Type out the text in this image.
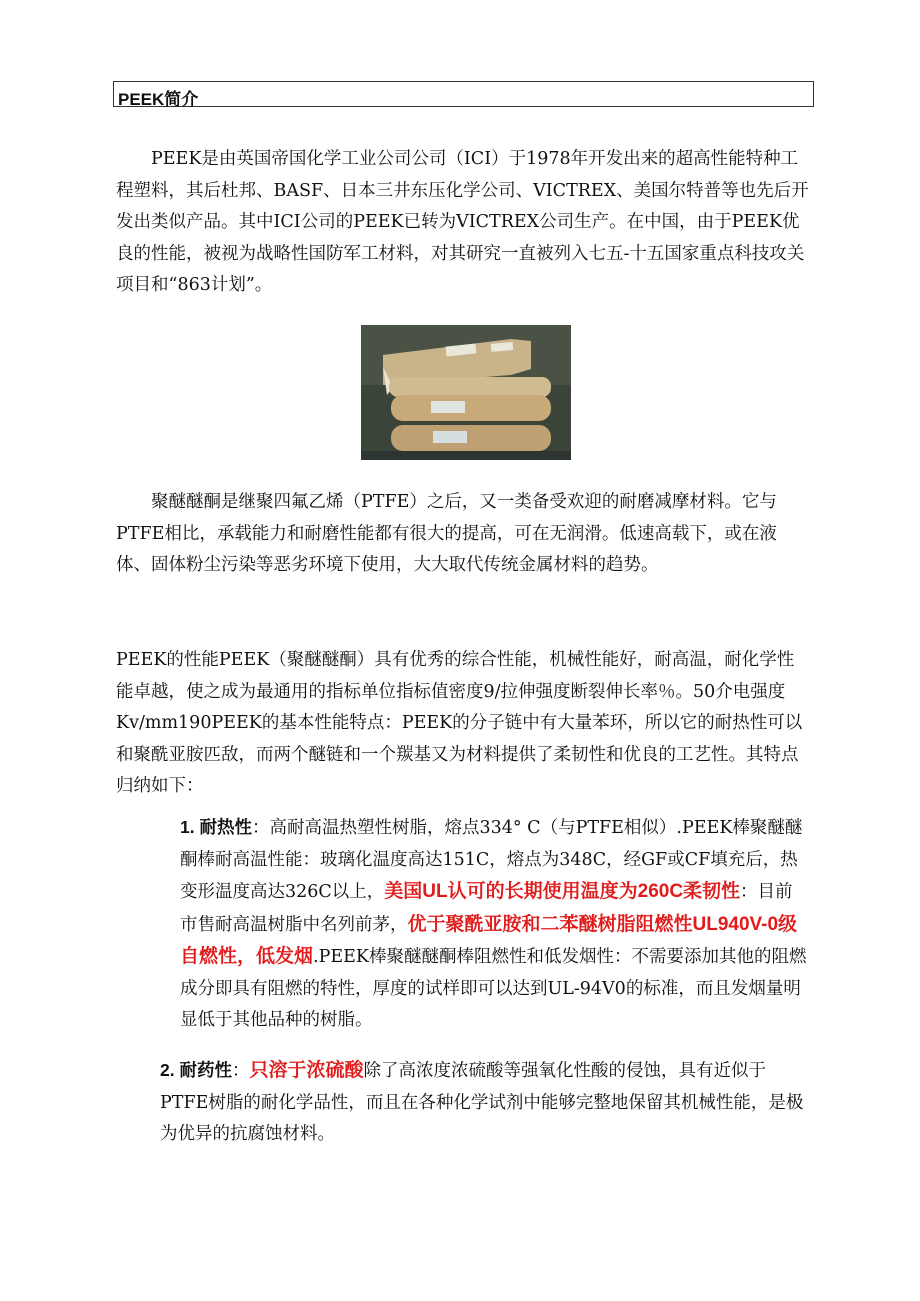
PEEK简介

PEEK是由英国帝国化学工业公司公司（ICI）于1978年开发出来的超高性能特种工程塑料，其后杜邦、BASF、日本三井东压化学公司、VICTREX、美国尔特普等也先后开发出类似产品。其中ICI公司的PEEK已转为VICTREX公司生产。在中国，由于PEEK优良的性能，被视为战略性国防军工材料，对其研究一直被列入七五-十五国家重点科技攻关项目和“863计划”。

聚醚醚酮是继聚四氟乙烯（PTFE）之后，又一类备受欢迎的耐磨减摩材料。它与PTFE相比，承载能力和耐磨性能都有很大的提高，可在无润滑。低速高载下，或在液体、固体粉尘污染等恶劣环境下使用，大大取代传统金属材料的趋势。

PEEK的性能PEEK（聚醚醚酮）具有优秀的综合性能，机械性能好，耐高温，耐化学性能卓越，使之成为最通用的指标单位指标值密度9/拉伸强度断裂伸长率％。50介电强度Kv/mm190PEEK的基本性能特点：PEEK的分子链中有大量苯环，所以它的耐热性可以和聚酰亚胺匹敌，而两个醚链和一个羰基又为材料提供了柔韧性和优良的工艺性。其特点归纳如下：

1. 耐热性：高耐高温热塑性树脂，熔点334° C（与PTFE相似）.PEEK棒聚醚醚酮棒耐高温性能：玻璃化温度高达151C，熔点为348C，经GF或CF填充后，热变形温度高达326C以上，美国UL认可的长期使用温度为260C柔韧性：目前市售耐高温树脂中名列前茅，优于聚酰亚胺和二苯醚树脂阻燃性UL940V-0级自燃性，低发烟.PEEK棒聚醚醚酮棒阻燃性和低发烟性：不需要添加其他的阻燃成分即具有阻燃的特性，厚度的试样即可以达到UL-94V0的标准，而且发烟量明显低于其他品种的树脂。

2. 耐药性：只溶于浓硫酸除了高浓度浓硫酸等强氧化性酸的侵蚀，具有近似于PTFE树脂的耐化学品性，而且在各种化学试剂中能够完整地保留其机械性能，是极为优异的抗腐蚀材料。
